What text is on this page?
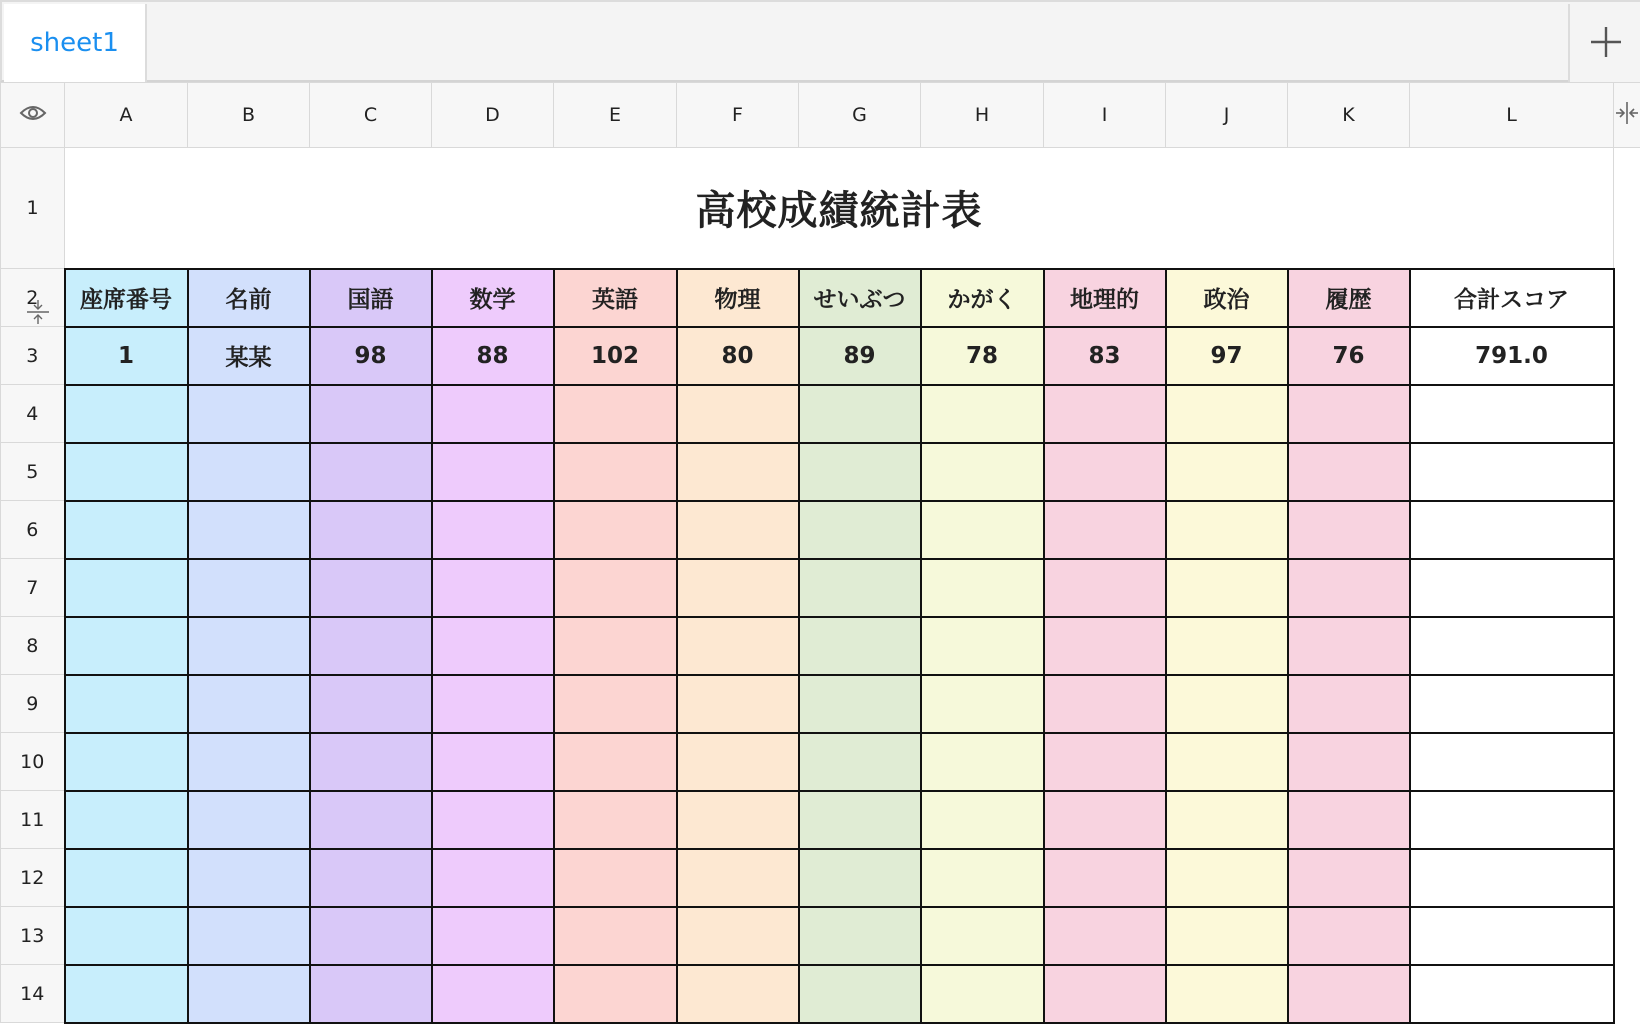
sheet1
	A	B	C	D	E	F	G	H	I	J	K	L	

1	高校成績統計表												
2	座席番号	名前	国語	数学	英語	物理	せいぶつ	かがく	地理的	政治	履歴	合計スコア	
3	1	某某	98	88	102	80	89	78	83	97	76	791.0	
4													
5													
6													
7													
8													
9													
10													
11													
12													
13													
14													
